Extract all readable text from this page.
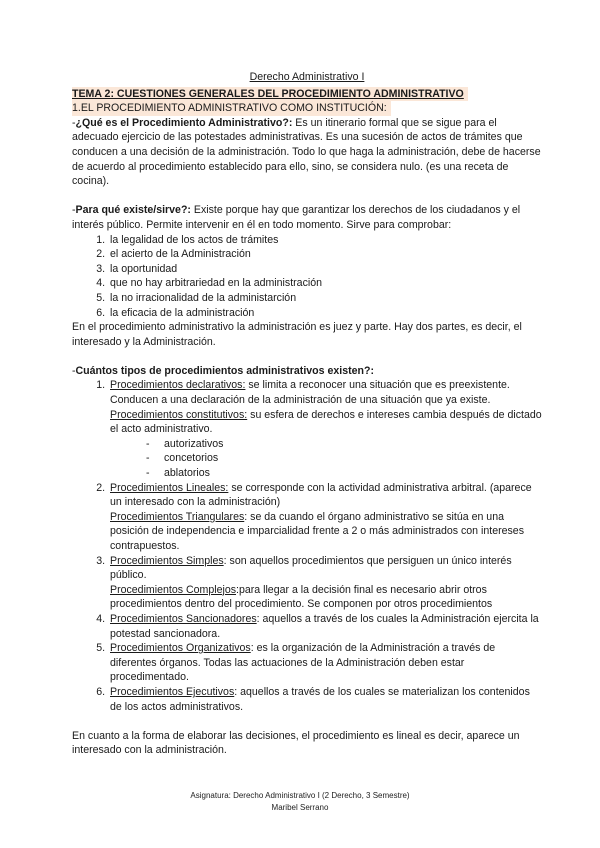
Derecho Administrativo I

TEMA 2: CUESTIONES GENERALES DEL PROCEDIMIENTO ADMINISTRATIVO
1.EL PROCEDIMIENTO ADMINISTRATIVO COMO INSTITUCIÓN:

-¿Qué es el Procedimiento Administrativo?: Es un itinerario formal que se sigue para el adecuado ejercicio de las potestades administrativas. Es una sucesión de actos de trámites que conducen a una decisión de la administración. Todo lo que haga la administración, debe de hacerse de acuerdo al procedimiento establecido para ello, sino, se considera nulo. (es una receta de cocina).

-Para qué existe/sirve?: Existe porque hay que garantizar los derechos de los ciudadanos y el interés público. Permite intervenir en él en todo momento. Sirve para comprobar:

1. la legalidad de los actos de trámites
2. el acierto de la Administración
3. la oportunidad
4. que no hay arbitrariedad en la administración
5. la no irracionalidad de la administarción
6. la eficacia de la administración

En el procedimiento administrativo la administración es juez y parte. Hay dos partes, es decir, el interesado y la Administración.

-Cuántos tipos de procedimientos administrativos existen?:

1. Procedimientos declarativos: se limita a reconocer una situación que es preexistente. Conducen a una declaración de la administración de una situación que ya existe.
Procedimientos constitutivos: su esfera de derechos e intereses cambia después de dictado el acto administrativo.
- autorizativos
- concetorios
- ablatorios
2. Procedimientos Lineales: se corresponde con la actividad administrativa arbitral. (aparece un interesado con la administración)
Procedimientos Triangulares: se da cuando el órgano administrativo se sitúa en una posición de independencia e imparcialidad frente a 2 o más administrados con intereses contrapuestos.
3. Procedimientos Simples: son aquellos procedimientos que persiguen un único interés público.
Procedimientos Complejos:para llegar a la decisión final es necesario abrir otros procedimientos dentro del procedimiento. Se componen por otros procedimientos
4. Procedimientos Sancionadores: aquellos a través de los cuales la Administración ejercita la potestad sancionadora.
5. Procedimientos Organizativos: es la organización de la Administración a través de diferentes órganos. Todas las actuaciones de la Administración deben estar procedimentado.
6. Procedimientos Ejecutivos: aquellos a través de los cuales se materializan los contenidos de los actos administrativos.

En cuanto a la forma de elaborar las decisiones, el procedimiento es lineal es decir, aparece un interesado con la administración.

Asignatura: Derecho Administrativo I (2 Derecho, 3 Semestre)
Maribel Serrano
